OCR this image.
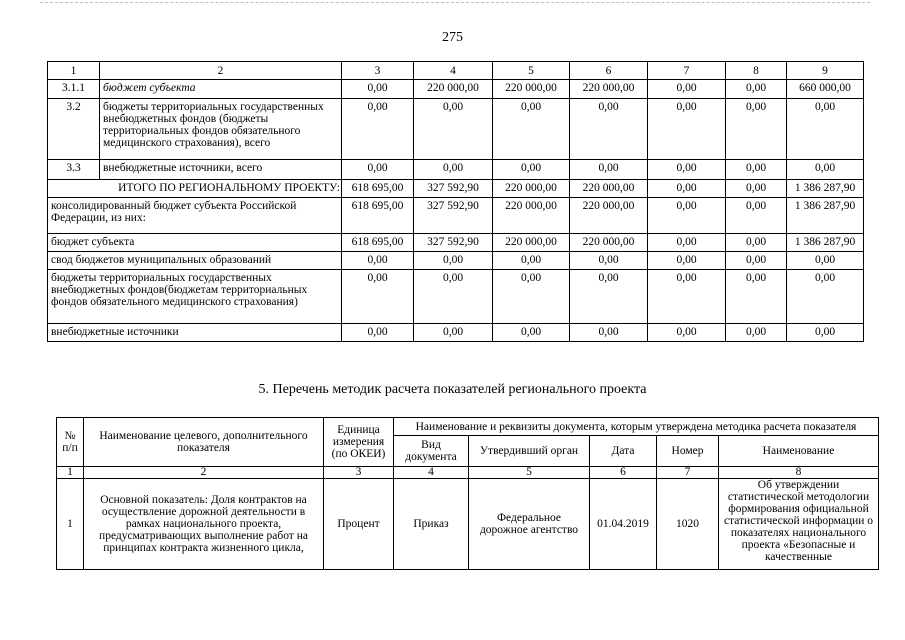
275
1	2	3	4	5	6	7	8	9
3.1.1	бюджет субъекта	0,00	220 000,00	220 000,00	220 000,00	0,00	0,00	660 000,00
3.2	бюджеты территориальных государственных внебюджетных фондов (бюджеты территориальных фондов обязательного медицинского страхования), всего	0,00	0,00	0,00	0,00	0,00	0,00	0,00
3.3	внебюджетные источники, всего	0,00	0,00	0,00	0,00	0,00	0,00	0,00
ИТОГО ПО РЕГИОНАЛЬНОМУ ПРОЕКТУ:		618 695,00	327 592,90	220 000,00	220 000,00	0,00	0,00	1 386 287,90
консолидированный бюджет субъекта Российской Федерации, из них:		618 695,00	327 592,90	220 000,00	220 000,00	0,00	0,00	1 386 287,90
бюджет субъекта		618 695,00	327 592,90	220 000,00	220 000,00	0,00	0,00	1 386 287,90
свод бюджетов муниципальных образований		0,00	0,00	0,00	0,00	0,00	0,00	0,00
бюджеты территориальных государственных внебюджетных фондов(бюджетам территориальных фондов обязательного медицинского страхования)		0,00	0,00	0,00	0,00	0,00	0,00	0,00
внебюджетные источники		0,00	0,00	0,00	0,00	0,00	0,00	0,00
5. Перечень методик расчета показателей регионального проекта
№ п/п	Наименование целевого, дополнительного показателя	Единица измерения (по ОКЕИ)	Наименование и реквизиты документа, которым утверждена методика расчета показателя				
			Вид документа	Утвердивший орган	Дата	Номер	Наименование
1	2	3	4	5	6	7	8
1	Основной показатель: Доля контрактов на осуществление дорожной деятельности в рамках национального проекта, предусматривающих выполнение работ на принципах контракта жизненного цикла,	Процент	Приказ	Федеральное дорожное агентство	01.04.2019	1020	Об утверждении статистической методологии формирования официальной статистической информации о показателях национального проекта «Безопасные и качественные
